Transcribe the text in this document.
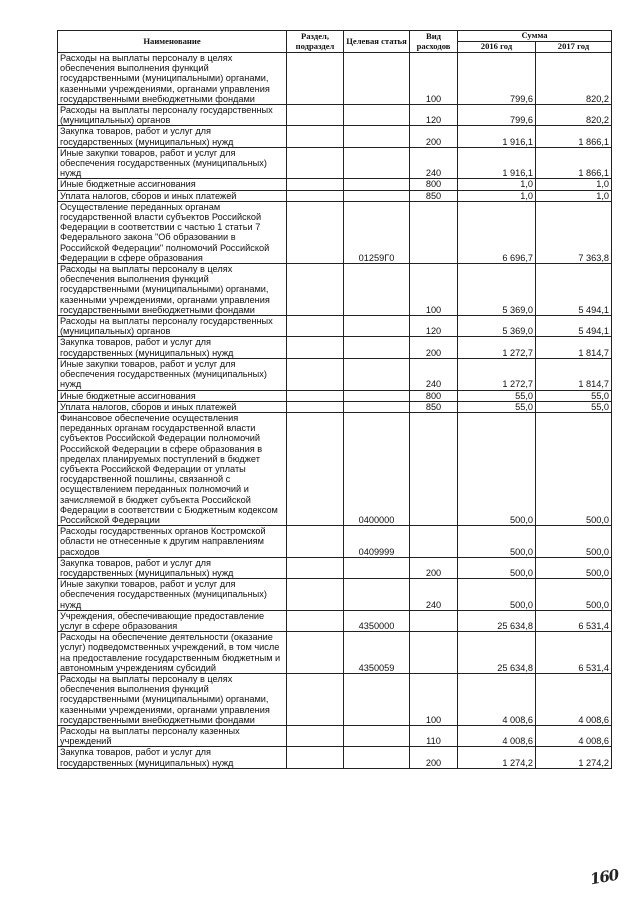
Наименование	Раздел, подраздел	Целевая статья	Вид расходов	Сумма	
				2016 год	2017 год
Расходы на выплаты персоналу в целях обеспечения выполнения функций государственными (муниципальными) органами, казенными учреждениями, органами управления государственными внебюджетными фондами			100	799,6	820,2
Расходы на выплаты персоналу государственных (муниципальных) органов			120	799,6	820,2
Закупка товаров, работ и услуг для государственных (муниципальных) нужд			200	1 916,1	1 866,1
Иные закупки товаров, работ и услуг для обеспечения государственных (муниципальных) нужд			240	1 916,1	1 866,1
Иные бюджетные ассигнования			800	1,0	1,0
Уплата налогов, сборов и иных платежей			850	1,0	1,0
Осуществление переданных органам государственной власти субъектов Российской Федерации в соответствии с частью 1 статьи 7 Федерального закона "Об образовании в Российской Федерации" полномочий Российской Федерации в сфере образования		01259Г0		6 696,7	7 363,8
Расходы на выплаты персоналу в целях обеспечения выполнения функций государственными (муниципальными) органами, казенными учреждениями, органами управления государственными внебюджетными фондами			100	5 369,0	5 494,1
Расходы на выплаты персоналу государственных (муниципальных) органов			120	5 369,0	5 494,1
Закупка товаров, работ и услуг для государственных (муниципальных) нужд			200	1 272,7	1 814,7
Иные закупки товаров, работ и услуг для обеспечения государственных (муниципальных) нужд			240	1 272,7	1 814,7
Иные бюджетные ассигнования			800	55,0	55,0
Уплата налогов, сборов и иных платежей			850	55,0	55,0
Финансовое обеспечение осуществления переданных органам государственной власти субъектов Российской Федерации полномочий Российской Федерации в сфере образования в пределах планируемых поступлений в бюджет субъекта Российской Федерации от уплаты государственной пошлины, связанной с осуществлением переданных полномочий и зачисляемой в бюджет субъекта Российской Федерации в соответствии с Бюджетным кодексом Российской Федерации		0400000		500,0	500,0
Расходы государственных органов Костромской области не отнесенные к другим направлениям расходов		0409999		500,0	500,0
Закупка товаров, работ и услуг для государственных (муниципальных) нужд			200	500,0	500,0
Иные закупки товаров, работ и услуг для обеспечения государственных (муниципальных) нужд			240	500,0	500,0
Учреждения, обеспечивающие предоставление услуг в сфере образования		4350000		25 634,8	6 531,4
Расходы на обеспечение деятельности (оказание услуг) подведомственных учреждений, в том числе на предоставление государственным бюджетным и автономным учреждениям субсидий		4350059		25 634,8	6 531,4
Расходы на выплаты персоналу в целях обеспечения выполнения функций государственными (муниципальными) органами, казенными учреждениями, органами управления государственными внебюджетными фондами			100	4 008,6	4 008,6
Расходы на выплаты персоналу казенных учреждений			110	4 008,6	4 008,6
Закупка товаров, работ и услуг для государственных (муниципальных) нужд			200	1 274,2	1 274,2
160
